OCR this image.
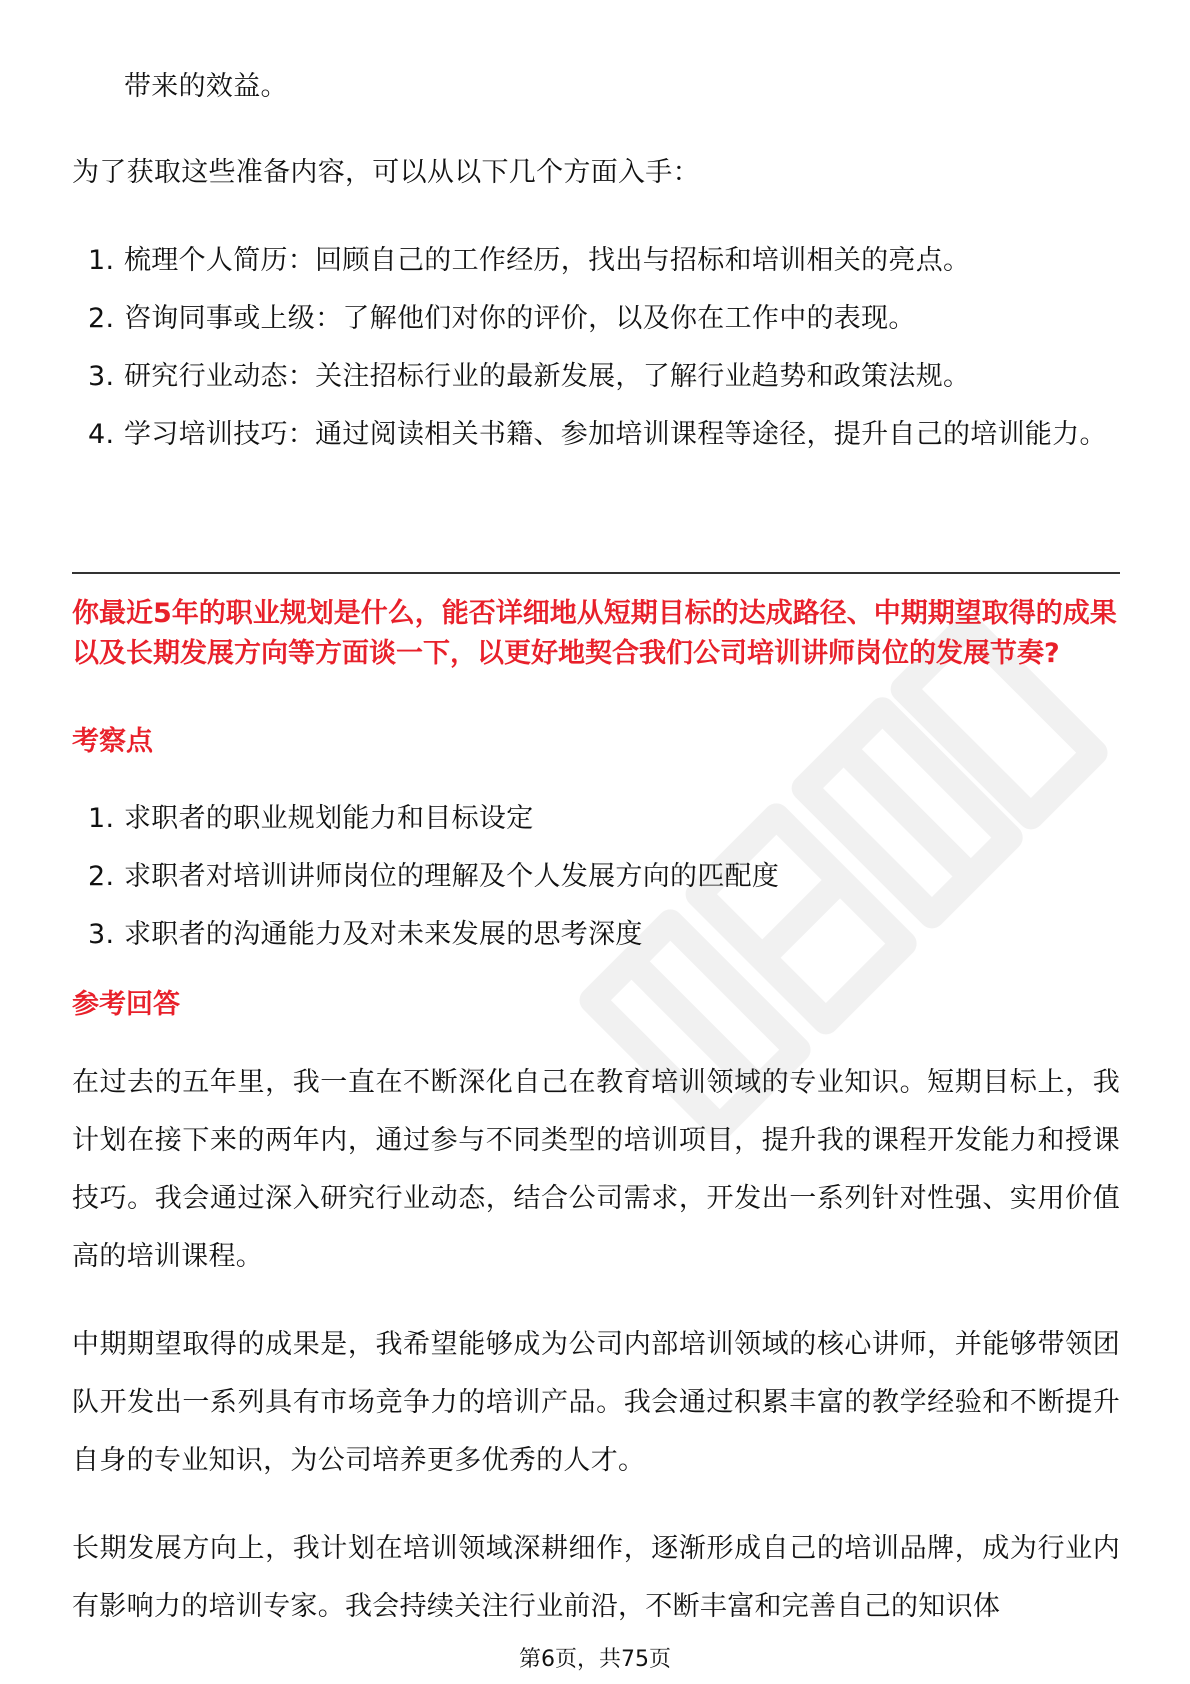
带来的效益。

为了获取这些准备内容，可以从以下几个方面入手：

1. 梳理个人简历：回顾自己的工作经历，找出与招标和培训相关的亮点。
2. 咨询同事或上级：了解他们对你的评价，以及你在工作中的表现。
3. 研究行业动态：关注招标行业的最新发展，了解行业趋势和政策法规。
4. 学习培训技巧：通过阅读相关书籍、参加培训课程等途径，提升自己的培训能力。

你最近5年的职业规划是什么，能否详细地从短期目标的达成路径、中期期望取得的成果以及长期发展方向等方面谈一下，以更好地契合我们公司培训讲师岗位的发展节奏?

考察点

1. 求职者的职业规划能力和目标设定
2. 求职者对培训讲师岗位的理解及个人发展方向的匹配度
3. 求职者的沟通能力及对未来发展的思考深度

参考回答

在过去的五年里，我一直在不断深化自己在教育培训领域的专业知识。短期目标上，我计划在接下来的两年内，通过参与不同类型的培训项目，提升我的课程开发能力和授课技巧。我会通过深入研究行业动态，结合公司需求，开发出一系列针对性强、实用价值高的培训课程。

中期期望取得的成果是，我希望能够成为公司内部培训领域的核心讲师，并能够带领团队开发出一系列具有市场竞争力的培训产品。我会通过积累丰富的教学经验和不断提升自身的专业知识，为公司培养更多优秀的人才。

长期发展方向上，我计划在培训领域深耕细作，逐渐形成自己的培训品牌，成为行业内有影响力的培训专家。我会持续关注行业前沿，不断丰富和完善自己的知识体

第6页，共75页
